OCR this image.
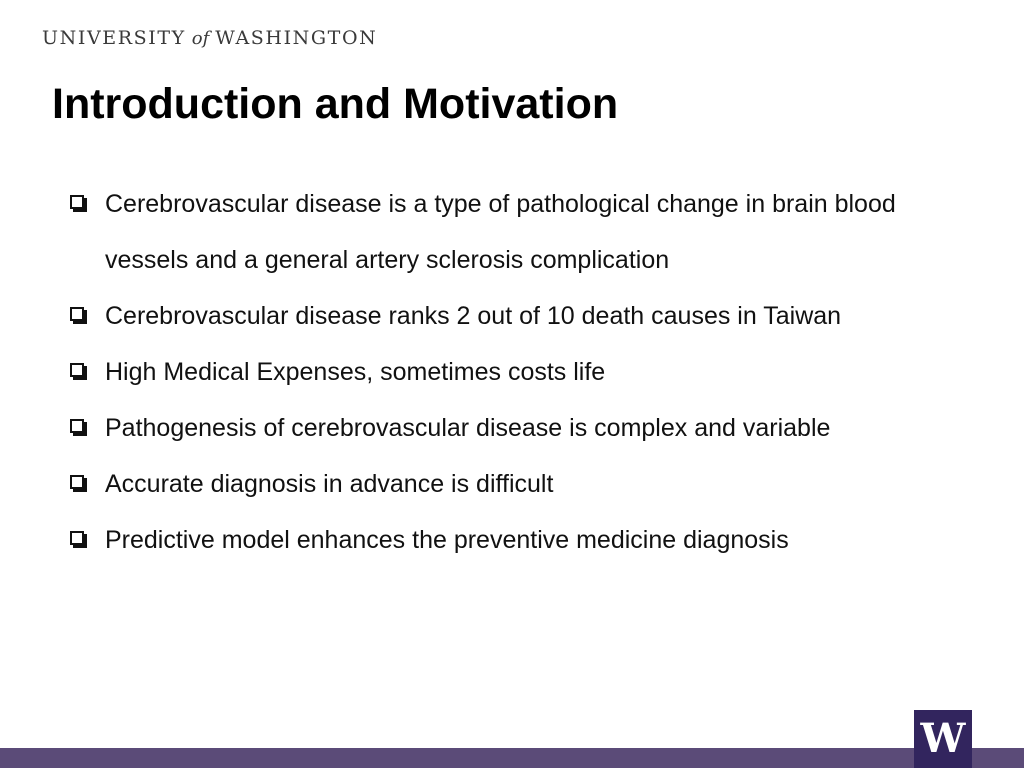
UNIVERSITY of WASHINGTON
Introduction and Motivation
Cerebrovascular disease is a type of pathological change in brain blood vessels and a general artery sclerosis complication
Cerebrovascular disease ranks 2 out of 10 death causes in Taiwan
High Medical Expenses, sometimes costs life
Pathogenesis of cerebrovascular disease is complex and variable
Accurate diagnosis in advance is difficult
Predictive model enhances the preventive medicine diagnosis
W
